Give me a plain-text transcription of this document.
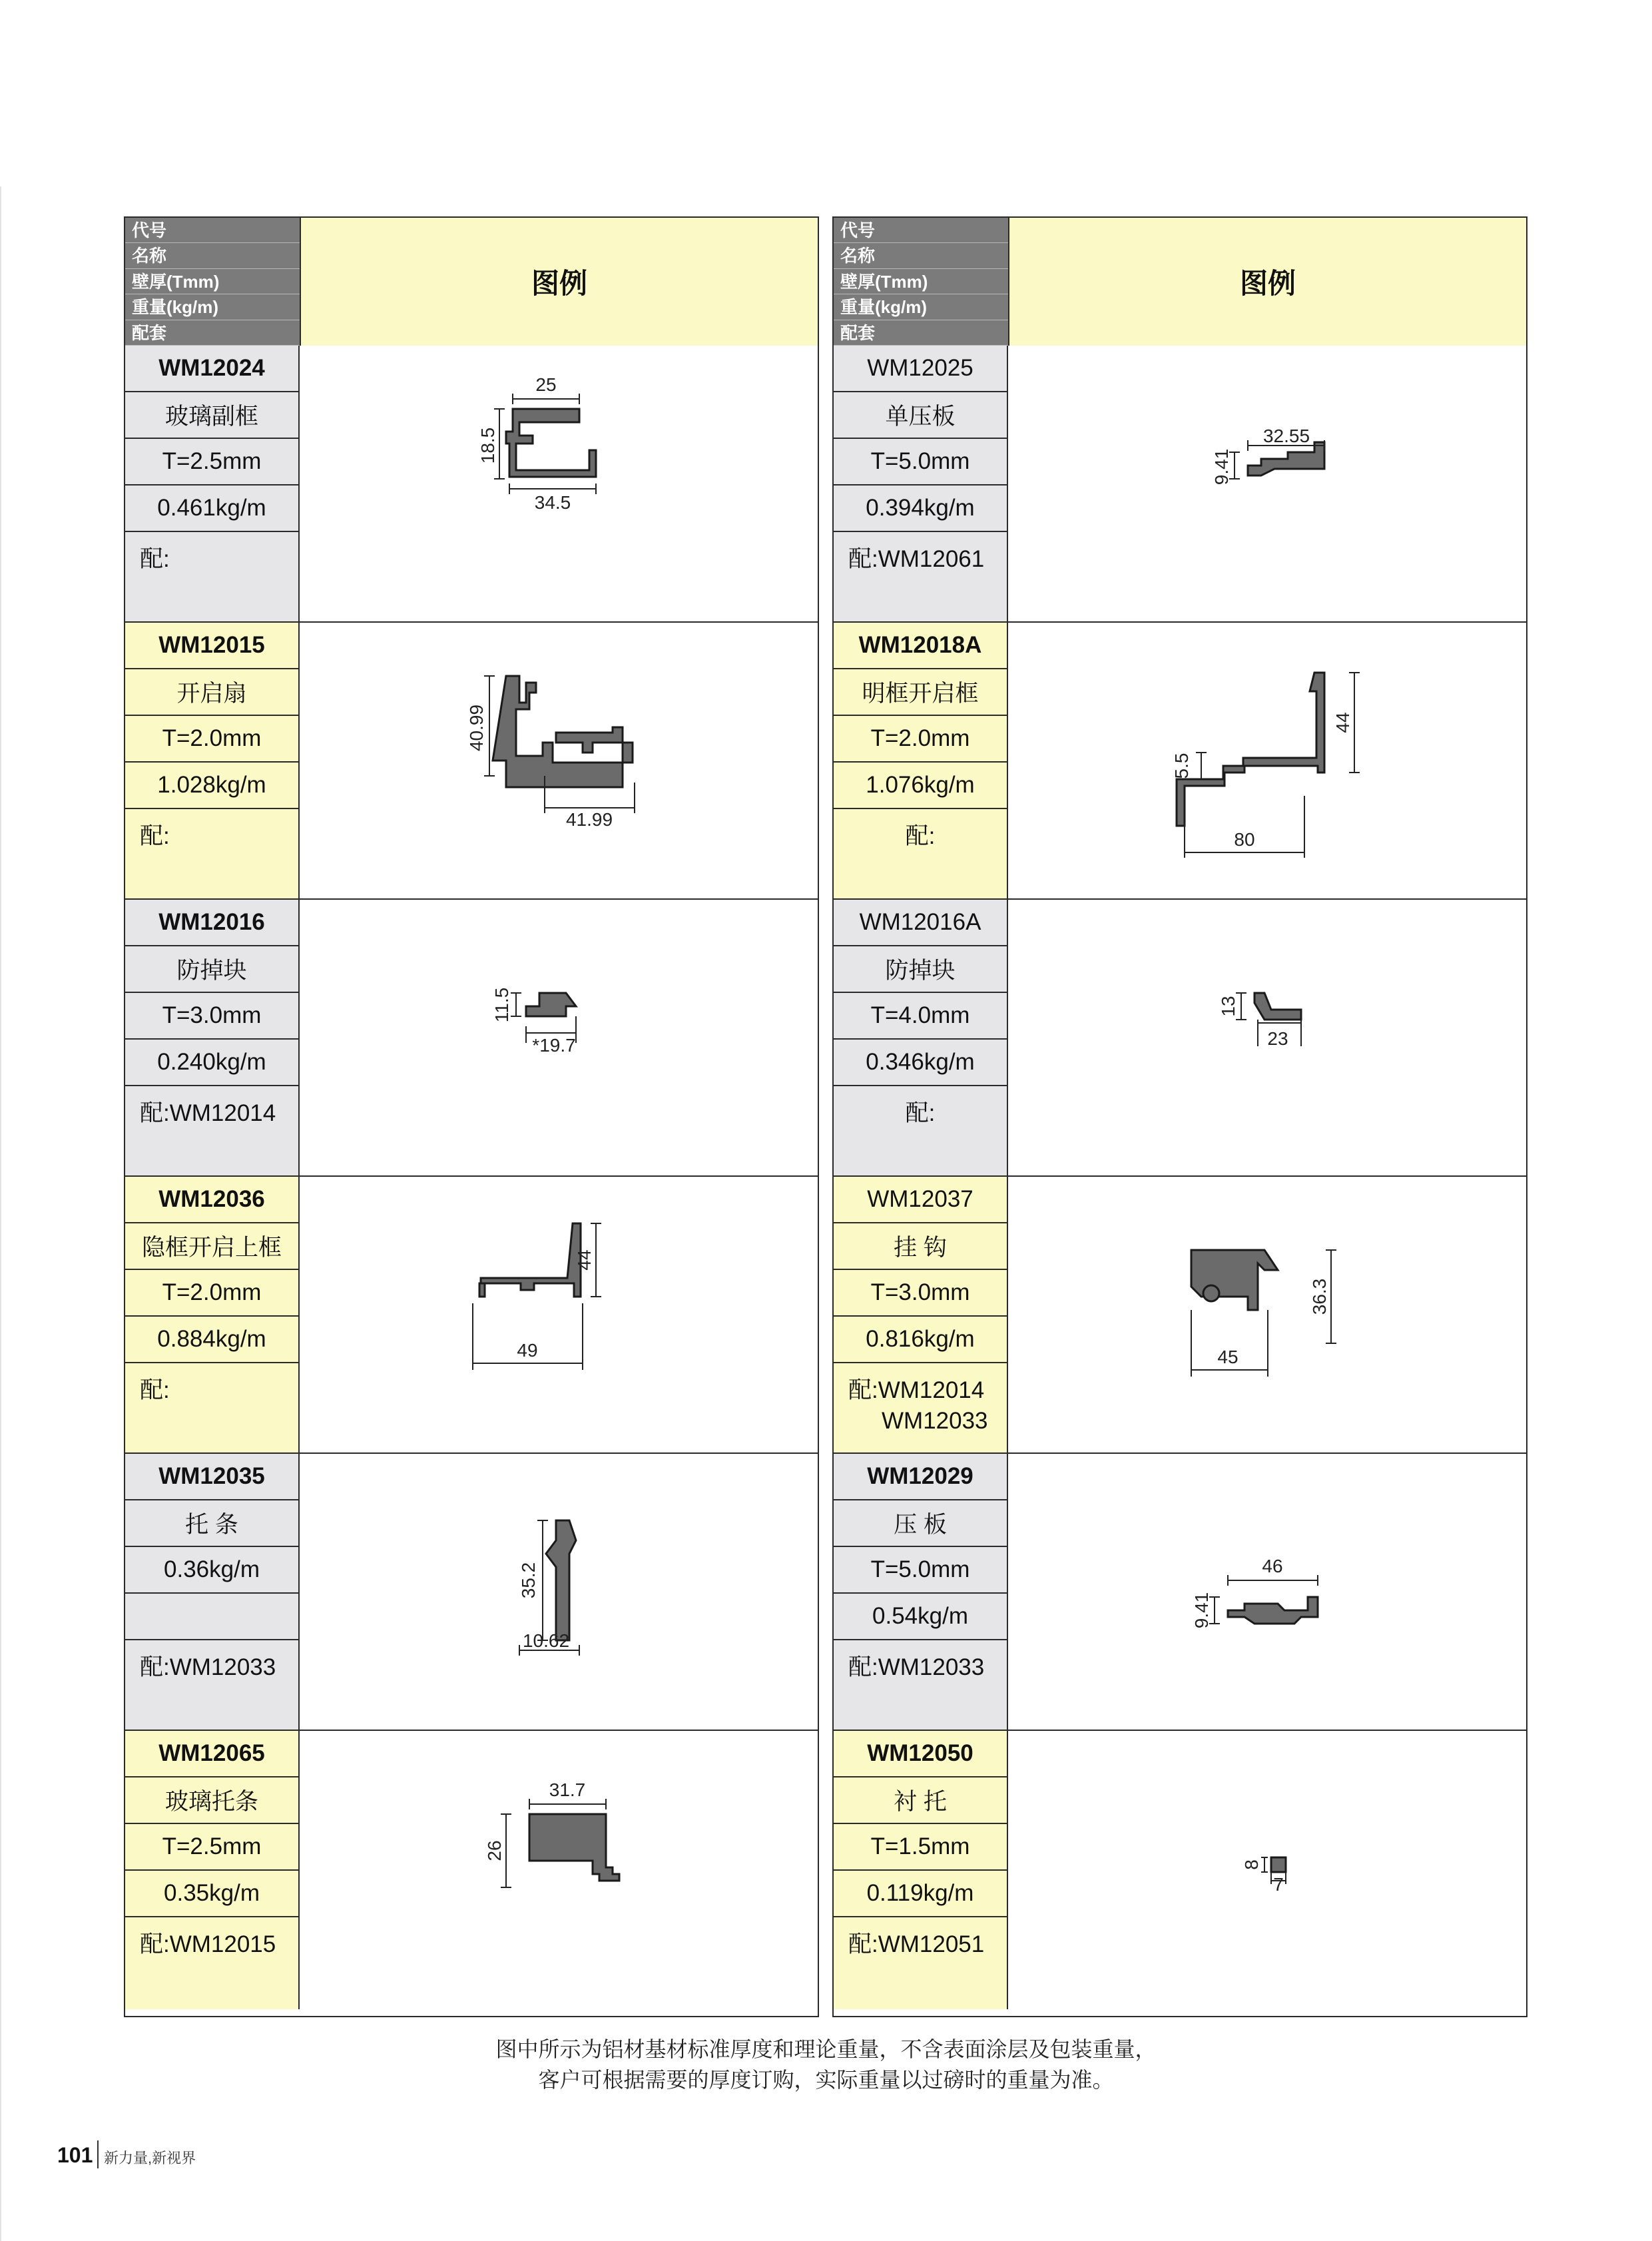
代号
名称
壁厚(Tmm)
重量(kg/m)
配套
图例
WM12024
玻璃副框
T=2.5mm
0.461kg/m
配:
25
18.5
34.5
WM12015
开启扇
T=2.0mm
1.028kg/m
配:
40.99
41.99
WM12016
防掉块
T=3.0mm
0.240kg/m
配:WM12014
11.5
*19.7
WM12036
隐框开启上框
T=2.0mm
0.884kg/m
配:
44
49
WM12035
托 条
0.36kg/m
配:WM12033
35.2
10.62
WM12065
玻璃托条
T=2.5mm
0.35kg/m
配:WM12015
31.7
26
代号
名称
壁厚(Tmm)
重量(kg/m)
配套
图例
WM12025
单压板
T=5.0mm
0.394kg/m
配:WM12061
32.55
9.41
WM12018A
明框开启框
T=2.0mm
1.076kg/m
配:
44
5.5
80
WM12016A
防掉块
T=4.0mm
0.346kg/m
配:
13
23
WM12037
挂 钩
T=3.0mm
0.816kg/m
配:WM12014
WM12033
36.3
45
WM12029
压 板
T=5.0mm
0.54kg/m
配:WM12033
46
9.41
WM12050
衬 托
T=1.5mm
0.119kg/m
配:WM12051
8
7
图中所示为铝材基材标准厚度和理论重量，不含表面涂层及包装重量，
客户可根据需要的厚度订购，实际重量以过磅时的重量为准。
101 新力量,新视界
